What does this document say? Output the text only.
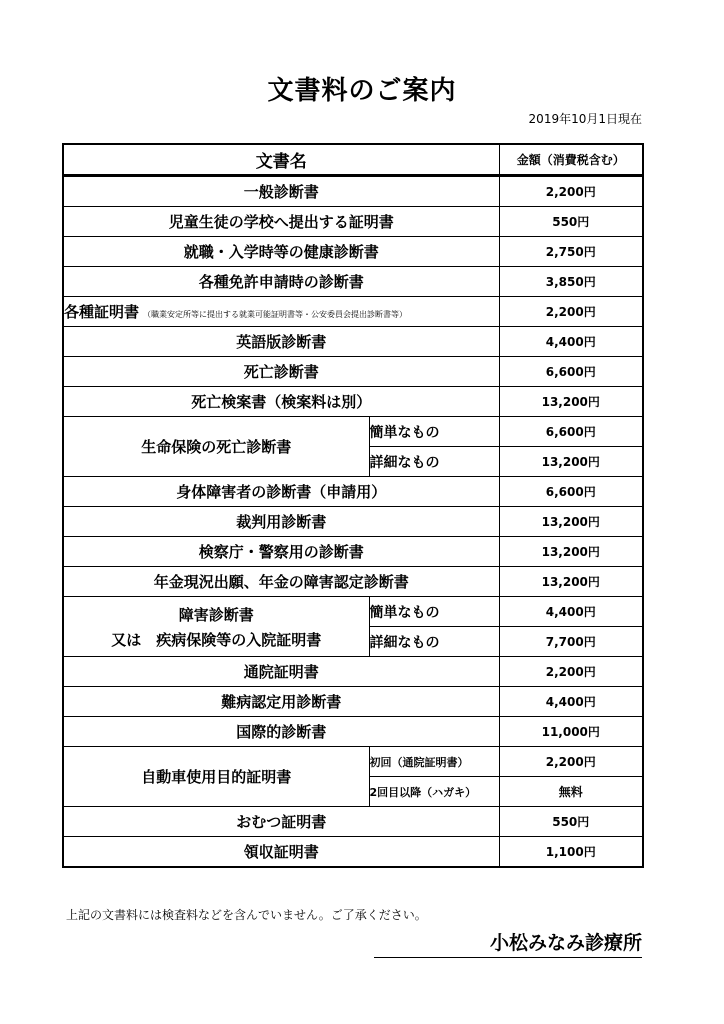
文書料のご案内
2019年10月1日現在
文書名		金額（消費税含む）
一般診断書		2,200円
児童生徒の学校へ提出する証明書		550円
就職・入学時等の健康診断書		2,750円
各種免許申請時の診断書		3,850円
各種証明書 （職業安定所等に提出する就業可能証明書等・公安委員会提出診断書等）		2,200円
英語版診断書		4,400円
死亡診断書		6,600円
死亡検案書（検案料は別）		13,200円
生命保険の死亡診断書	簡単なもの	6,600円
	詳細なもの	13,200円
身体障害者の診断書（申請用）		6,600円
裁判用診断書		13,200円
検察庁・警察用の診断書		13,200円
年金現況出願、年金の障害認定診断書		13,200円

障害診断書
又は　疾病保険等の入院証明書	簡単なもの	4,400円
	詳細なもの	7,700円
通院証明書		2,200円
難病認定用診断書		4,400円
国際的診断書		11,000円
自動車使用目的証明書	初回（通院証明書）	2,200円
	2回目以降（ハガキ）	無料
おむつ証明書		550円
領収証明書		1,100円
上記の文書料には検査料などを含んでいません。ご了承ください。
小松みなみ診療所
